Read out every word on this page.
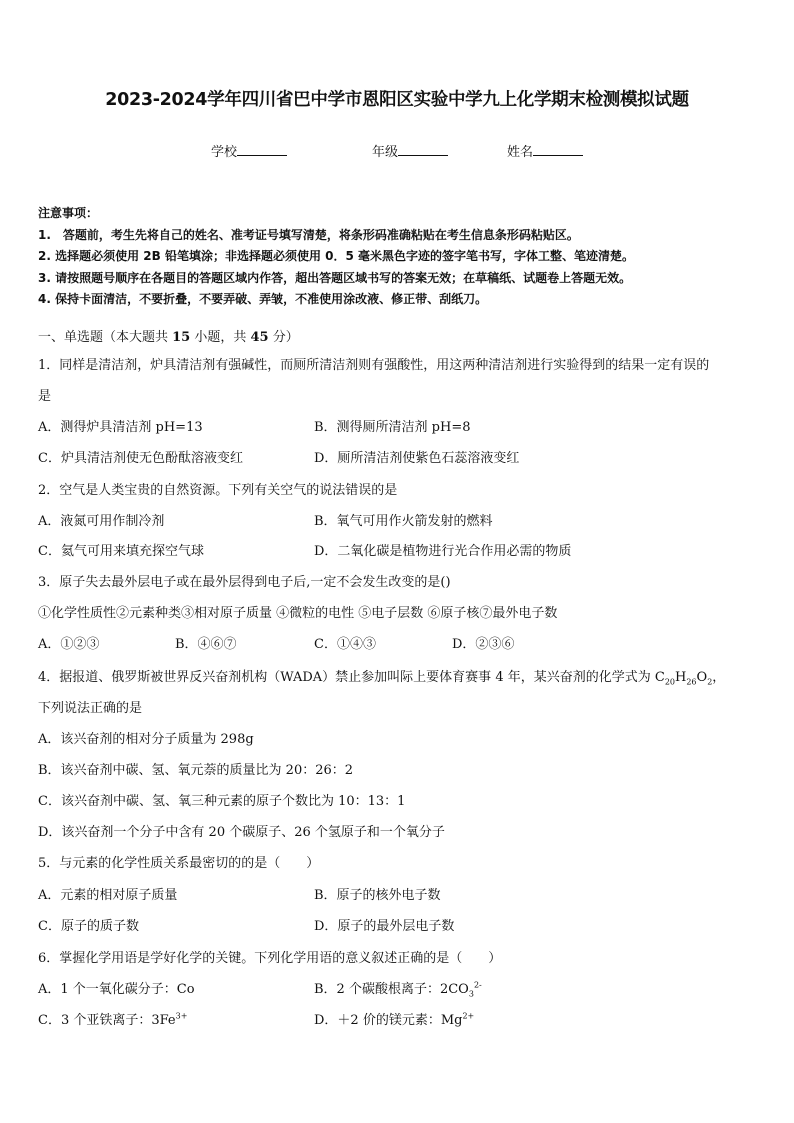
2023-2024学年四川省巴中学市恩阳区实验中学九上化学期末检测模拟试题
学校	年级	姓名
注意事项：
1.　答题前，考生先将自己的姓名、准考证号填写清楚，将条形码准确粘贴在考生信息条形码粘贴区。
2. 选择题必须使用 2B 铅笔填涂；非选择题必须使用 0．5 毫米黑色字迹的签字笔书写，字体工整、笔迹清楚。
3. 请按照题号顺序在各题目的答题区域内作答，超出答题区域书写的答案无效；在草稿纸、试题卷上答题无效。
4. 保持卡面清洁，不要折叠，不要弄破、弄皱，不准使用涂改液、修正带、刮纸刀。
一、单选题（本大题共 15 小题，共 45 分）
1．同样是清洁剂，炉具清洁剂有强碱性，而厕所清洁剂则有强酸性，用这两种清洁剂进行实验得到的结果一定有误的
是
A．测得炉具清洁剂 pH=13	B．测得厕所清洁剂 pH=8
C．炉具清洁剂使无色酚酞溶液变红	D．厕所清洁剂使紫色石蕊溶液变红
2．空气是人类宝贵的自然资源。下列有关空气的说法错误的是
A．液氮可用作制冷剂	B．氧气可用作火箭发射的燃料
C．氦气可用来填充探空气球	D．二氧化碳是植物进行光合作用必需的物质
3．原子失去最外层电子或在最外层得到电子后,一定不会发生改变的是()
①化学性质性②元素种类③相对原子质量 ④微粒的电性 ⑤电子层数 ⑥原子核⑦最外电子数
A．①②③	B．④⑥⑦	C．①④③	D．②③⑥
4．据报道、俄罗斯被世界反兴奋剂机构（WADA）禁止参加叫际上要体育赛事 4 年，某兴奋剂的化学式为 $C_{20}H_{26}O_2$，
下列说法正确的是
A．该兴奋剂的相对分子质量为 298g
B．该兴奋剂中碳、氢、氧元萘的质量比为 20：26：2
C．该兴奋剂中碳、氢、氧三种元素的原子个数比为 10：13：1
D．该兴奋剂一个分子中含有 20 个碳原子、26 个氢原子和一个氧分子
5．与元素的化学性质关系最密切的的是（　　）
A．元素的相对原子质量	B．原子的核外电子数
C．原子的质子数	D．原子的最外层电子数
6．掌握化学用语是学好化学的关键。下列化学用语的意义叙述正确的是（　　）
A．1 个一氧化碳分子：Co	B．2 个碳酸根离子：$2CO_3^{2-}$
C．3 个亚铁离子：$3Fe^{3+}$	D．＋2 价的镁元素：$Mg^{2+}$
